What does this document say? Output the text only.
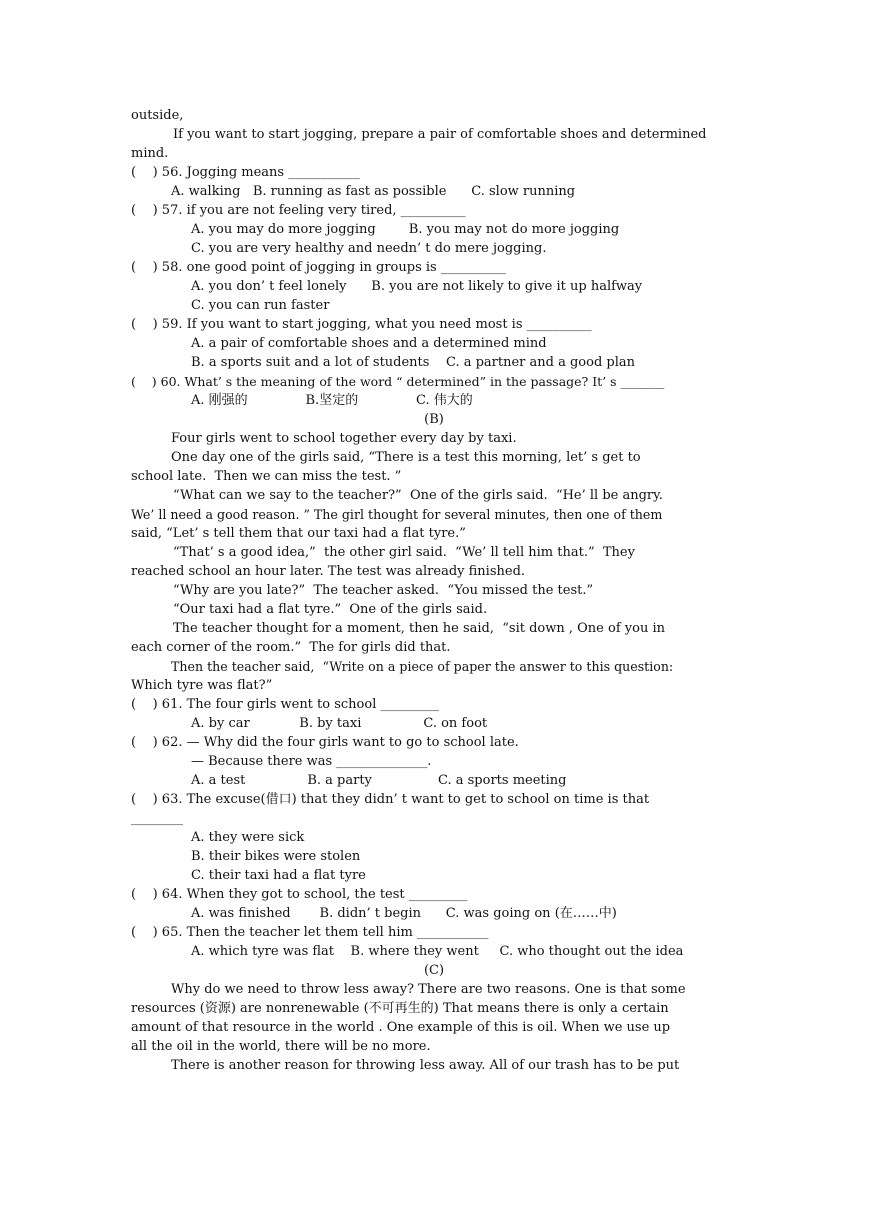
outside,
If you want to start jogging, prepare a pair of comfortable shoes and determined
mind.
(    ) 56. Jogging means ___________
A. walking   B. running as fast as possible      C. slow running
(    ) 57. if you are not feeling very tired, __________
A. you may do more jogging        B. you may not do more jogging
C. you are very healthy and needn’ t do mere jogging.
(    ) 58. one good point of jogging in groups is __________
A. you don’ t feel lonely      B. you are not likely to give it up halfway
C. you can run faster
(    ) 59. If you want to start jogging, what you need most is __________
A. a pair of comfortable shoes and a determined mind
B. a sports suit and a lot of students    C. a partner and a good plan
(    ) 60. What’ s the meaning of the word “ determined” in the passage? It’ s _______
A. 刚强的              B.坚定的              C. 伟大的
(B)
Four girls went to school together every day by taxi.
One day one of the girls said, “There is a test this morning, let’ s get to
school late.  Then we can miss the test. ”
“What can we say to the teacher?”  One of the girls said.  “He’ ll be angry.
We’ ll need a good reason. ” The girl thought for several minutes, then one of them
said, “Let’ s tell them that our taxi had a flat tyre.”
“That’ s a good idea,”  the other girl said.  “We’ ll tell him that.”  They
reached school an hour later. The test was already finished.
“Why are you late?”  The teacher asked.  “You missed the test.”
“Our taxi had a flat tyre.”  One of the girls said.
The teacher thought for a moment, then he said,  “sit down , One of you in
each corner of the room.”  The for girls did that.
Then the teacher said,  “Write on a piece of paper the answer to this question:
Which tyre was flat?”
(    ) 61. The four girls went to school _________
A. by car            B. by taxi               C. on foot
(    ) 62. — Why did the four girls want to go to school late.
— Because there was ______________.
A. a test               B. a party                C. a sports meeting
(    ) 63. The excuse(借口) that they didn’ t want to get to school on time is that
________
A. they were sick
B. their bikes were stolen
C. their taxi had a flat tyre
(    ) 64. When they got to school, the test _________
A. was finished       B. didn’ t begin      C. was going on (在……中)
(    ) 65. Then the teacher let them tell him ___________
A. which tyre was flat    B. where they went     C. who thought out the idea
(C)
Why do we need to throw less away? There are two reasons. One is that some
resources (资源) are nonrenewable (不可再生的) That means there is only a certain
amount of that resource in the world . One example of this is oil. When we use up
all the oil in the world, there will be no more.
There is another reason for throwing less away. All of our trash has to be put
